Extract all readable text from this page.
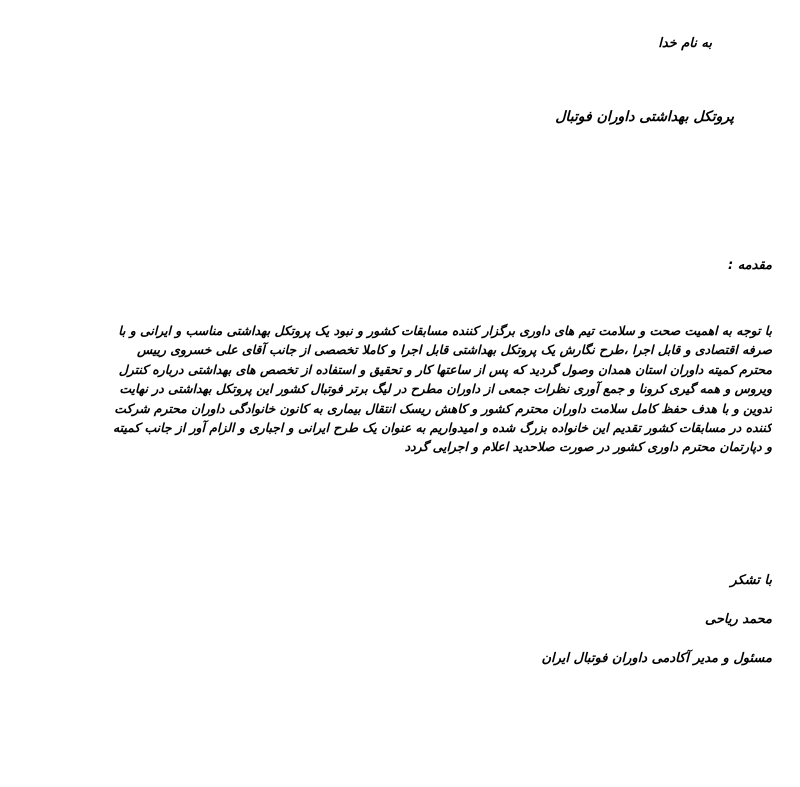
به نام خدا
پروتکل بهداشتی داوران فوتبال
مقدمه :
با توجه به اهمیت صحت و سلامت تیم های داوری برگزار کننده مسابقات کشور و نبود یک پروتکل بهداشتی مناسب و ایرانی و با
صرفه اقتصادی و قابل اجرا ،طرح نگارش یک پروتکل بهداشتی قابل اجرا و کاملا تخصصی از جانب آقای علی خسروی رییس
محترم کمیته داوران استان همدان وصول گردید که پس از ساعتها کار و تحقیق و استفاده از تخصص های بهداشتی درباره کنترل
ویروس و همه گیری کرونا و جمع آوری نظرات جمعی از داوران مطرح در لیگ برتر فوتبال کشور این پروتکل بهداشتی در نهایت
تدوین و با هدف حفظ کامل سلامت داوران محترم کشور و کاهش ریسک انتقال بیماری به کانون خانوادگی داوران محترم شرکت
کننده در مسابقات کشور تقدیم این خانواده بزرگ شده و امیدواریم به عنوان یک طرح ایرانی و اجباری و الزام آور از جانب کمیته
و دپارتمان محترم داوری کشور در صورت صلاحدید اعلام و اجرایی گردد
با تشکر
محمد ریاحی
مسئول و مدیر آکادمی داوران فوتبال ایران
